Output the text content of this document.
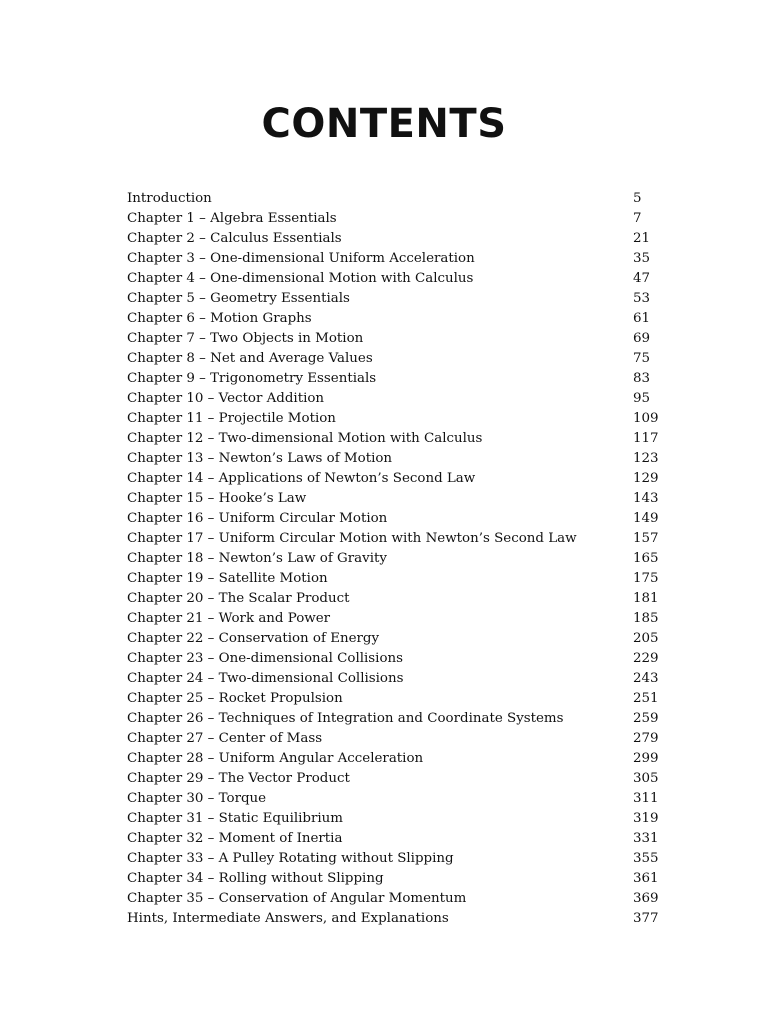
CONTENTS
Introduction	5
Chapter 1 – Algebra Essentials	7
Chapter 2 – Calculus Essentials	21
Chapter 3 – One-dimensional Uniform Acceleration	35
Chapter 4 – One-dimensional Motion with Calculus	47
Chapter 5 – Geometry Essentials	53
Chapter 6 – Motion Graphs	61
Chapter 7 – Two Objects in Motion	69
Chapter 8 – Net and Average Values	75
Chapter 9 – Trigonometry Essentials	83
Chapter 10 – Vector Addition	95
Chapter 11 – Projectile Motion	109
Chapter 12 – Two-dimensional Motion with Calculus	117
Chapter 13 – Newton’s Laws of Motion	123
Chapter 14 – Applications of Newton’s Second Law	129
Chapter 15 – Hooke’s Law	143
Chapter 16 – Uniform Circular Motion	149
Chapter 17 – Uniform Circular Motion with Newton’s Second Law	157
Chapter 18 – Newton’s Law of Gravity	165
Chapter 19 – Satellite Motion	175
Chapter 20 – The Scalar Product	181
Chapter 21 – Work and Power	185
Chapter 22 – Conservation of Energy	205
Chapter 23 – One-dimensional Collisions	229
Chapter 24 – Two-dimensional Collisions	243
Chapter 25 – Rocket Propulsion	251
Chapter 26 – Techniques of Integration and Coordinate Systems	259
Chapter 27 – Center of Mass	279
Chapter 28 – Uniform Angular Acceleration	299
Chapter 29 – The Vector Product	305
Chapter 30 – Torque	311
Chapter 31 – Static Equilibrium	319
Chapter 32 – Moment of Inertia	331
Chapter 33 – A Pulley Rotating without Slipping	355
Chapter 34 – Rolling without Slipping	361
Chapter 35 – Conservation of Angular Momentum	369
Hints, Intermediate Answers, and Explanations	377
